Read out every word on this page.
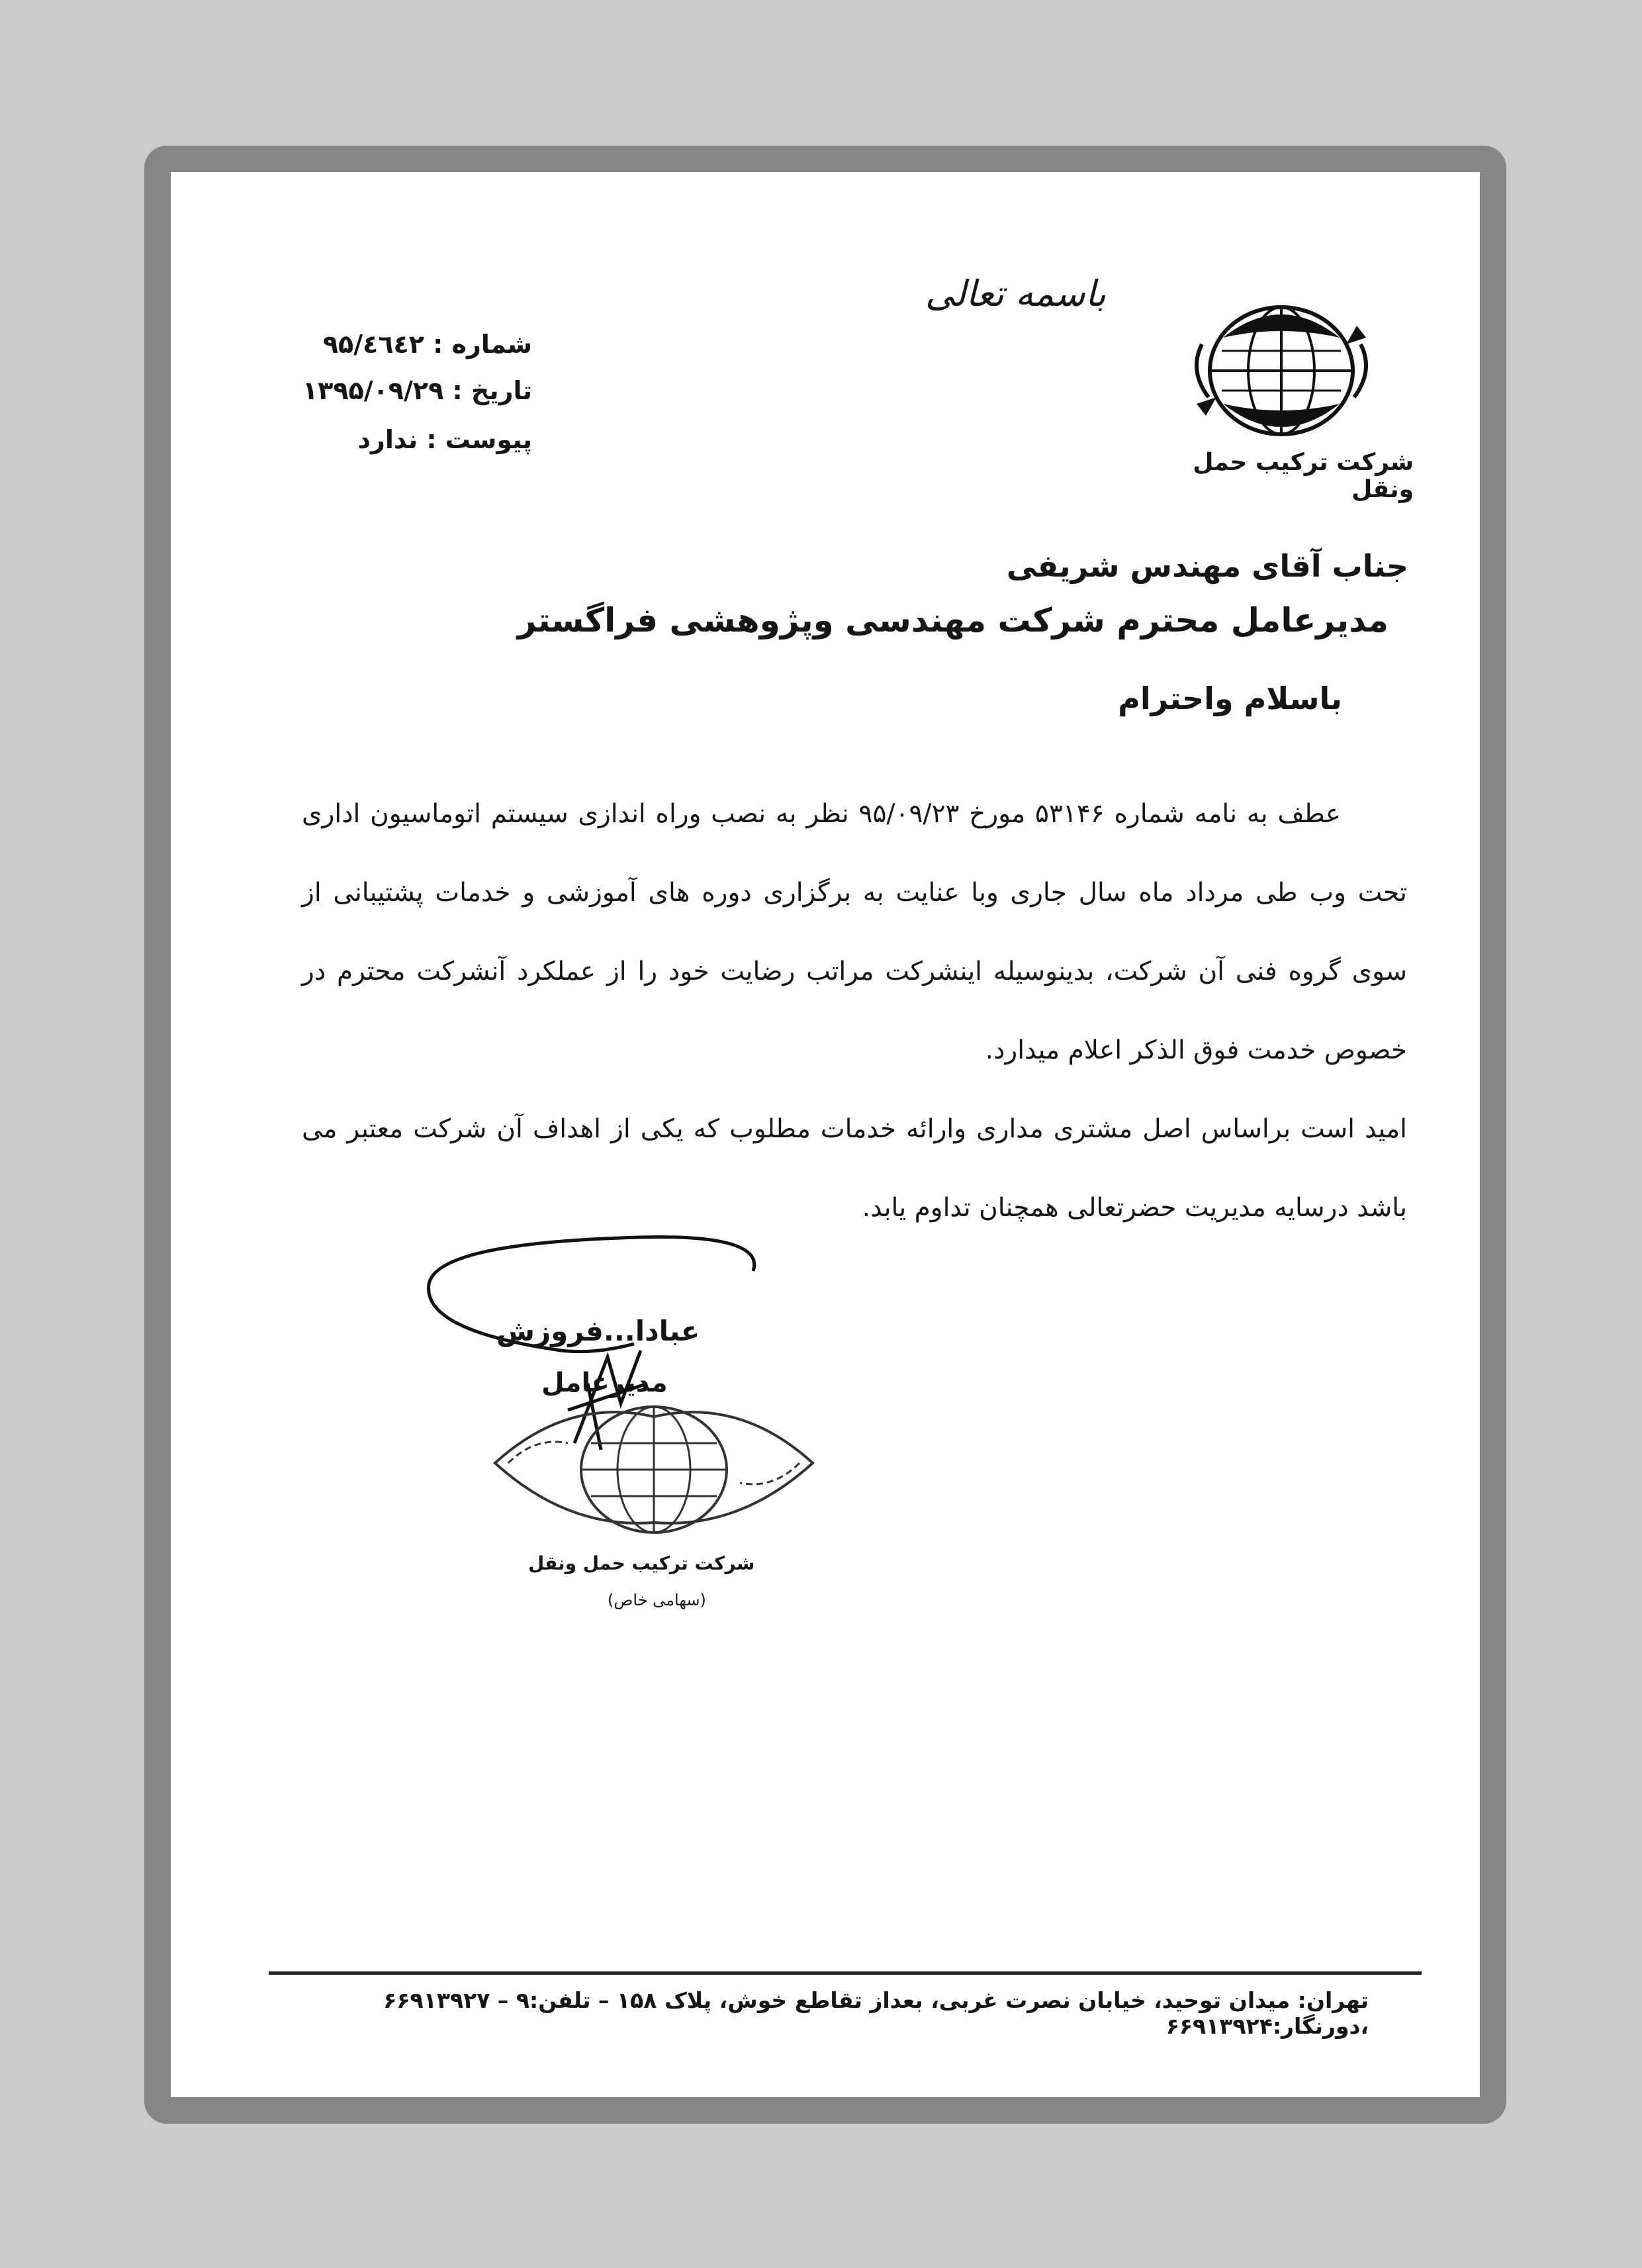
باسمه تعالی
شرکت ترکیب حمل ونقل
شماره : ۹۵/٤٦٤٢
تاریخ : ۱۳۹۵/۰۹/۲۹
پیوست : ندارد
جناب آقای مهندس شریفی
مدیرعامل محترم شرکت مهندسی وپژوهشی فراگستر
باسلام واحترام

عطف به نامه شماره ۵۳۱۴۶ مورخ ۹۵/۰۹/۲۳ نظر به نصب وراه اندازی سیستم اتوماسیون اداری تحت وب طی مرداد ماه سال جاری وبا عنایت به برگزاری دوره های آموزشی و خدمات پشتیبانی از سوی گروه فنی آن شرکت، بدینوسیله اینشرکت مراتب رضایت خود را از عملکرد آنشرکت محترم در خصوص خدمت فوق الذکر اعلام میدارد.

امید است براساس اصل مشتری مداری وارائه خدمات مطلوب که یکی از اهداف آن شرکت معتبر می باشد درسایه مدیریت حضرتعالی همچنان تداوم یابد.

عبادا...فروزش
مدیرعامل
شرکت ترکیب حمل ونقل
(سهامی خاص)
تهران: میدان توحید، خیابان نصرت غربی، بعداز تقاطع خوش، پلاک ۱۵۸ – تلفن:۹ – ۶۶۹۱۳۹۲۷ ،دورنگار:۶۶۹۱۳۹۲۴
